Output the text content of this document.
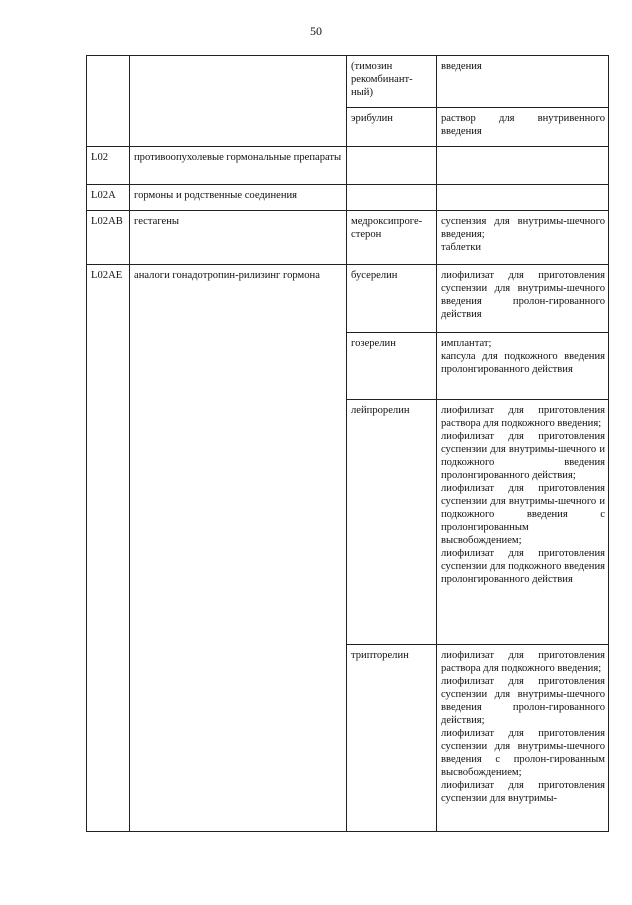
50
		(тимозин рекомбинант-ный)	введения

		эрибулин	раствор для внутривенного введения

L02	противоопухолевые гормональные препараты		
L02A	гормоны и родственные соединения		
L02AB	гестагены	медроксипроге-стерон	суспензия для внутримы-шечного введения;
таблетки

L02AE	аналоги гонадотропин-рилизинг гормона	бусерелин	лиофилизат для приготовления суспензии для внутримы-шечного введения пролон-гированного действия

		гозерелин	имплантат;
капсула для подкожного введения пролонгированного действия

		лейпрорелин	лиофилизат для приготовления раствора для подкожного введения;
лиофилизат для приготовления суспензии для внутримы-шечного и подкожного введения пролонгированного действия;
лиофилизат для приготовления суспензии для внутримы-шечного и подкожного введения с пролонгированным высвобождением;
лиофилизат для приготовления суспензии для подкожного введения пролонгированного действия

		трипторелин	лиофилизат для приготовления раствора для подкожного введения;
лиофилизат для приготовления суспензии для внутримы-шечного введения пролон-гированного действия;
лиофилизат для приготовления суспензии для внутримы-шечного введения с пролон-гированным высвобождением;
лиофилизат для приготовления суспензии для внутримы-
